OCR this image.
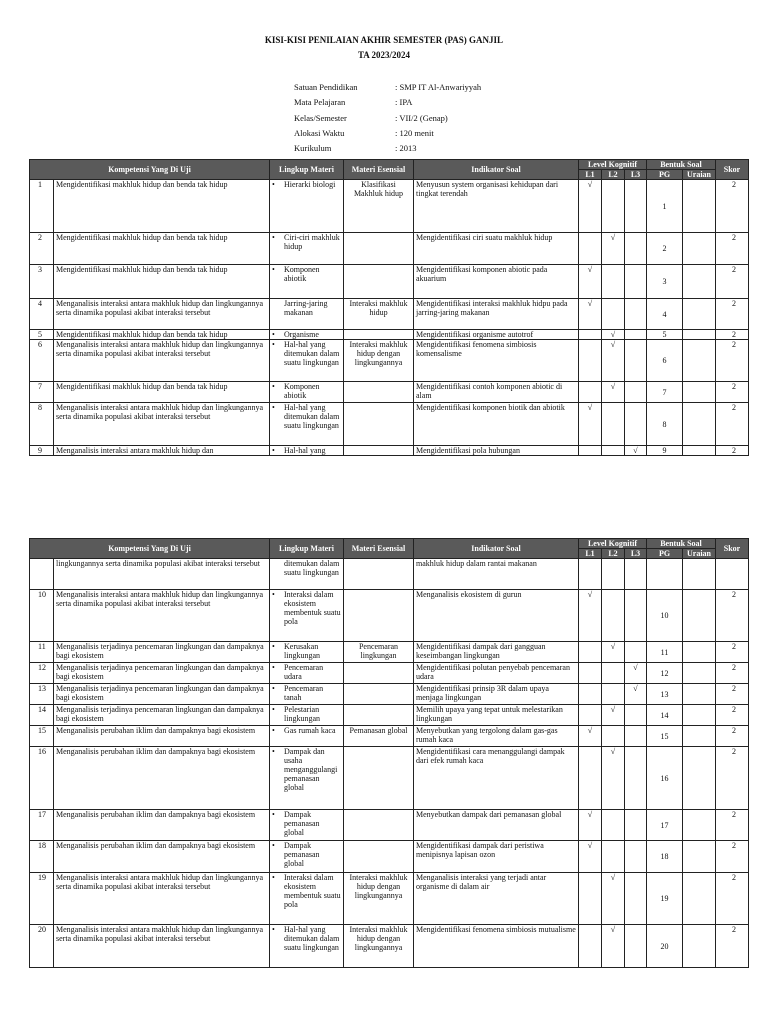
KISI-KISI PENILAIAN AKHIR SEMESTER (PAS) GANJIL
TA 2023/2024
Satuan Pendidikan	: SMP IT Al-Anwariyyah
Mata Pelajaran	: IPA
Kelas/Semester	: VII/2 (Genap)
Alokasi Waktu	: 120 menit
Kurikulum	: 2013
Kompetensi Yang Di Uji		Lingkup Materi	Materi Esensial	Indikator Soal	Level Kognitif			Bentuk Soal		Skor
					L1	L2	L3	PG	Uraian	
1	Mengidentifikasi makhluk hidup dan benda tak hidup	• Hierarki biologi	Klasifikasi Makhluk hidup	Menyusun system organisasi kehidupan dari tingkat terendah	√			1		2
2	Mengidentifikasi makhluk hidup dan benda tak hidup	• Ciri-ciri makhluk hidup		Mengidentifikasi ciri suatu makhluk hidup		√		2		2
3	Mengidentifikasi makhluk hidup dan benda tak hidup	• Komponen abiotik		Mengidentifikasi komponen abiotic pada akuarium	√			3		2
4	Menganalisis interaksi antara makhluk hidup dan lingkungannya serta dinamika populasi akibat interaksi tersebut	Jarring-jaring makanan	Interaksi makhluk hidup	Mengidentifikasi interaksi makhluk hidpu pada jarring-jaring makanan	√			4		2
5	Mengidentifikasi makhluk hidup dan benda tak hidup	• Organisme		Mengidentifikasi organisme autotrof		√		5		2
6	Menganalisis interaksi antara makhluk hidup dan lingkungannya serta dinamika populasi akibat interaksi tersebut	• Hal-hal yang ditemukan dalam suatu lingkungan	Interaksi makhluk hidup dengan lingkungannya	Mengidentifikasi fenomena simbiosis komensalisme		√		6		2
7	Mengidentifikasi makhluk hidup dan benda tak hidup	• Komponen abiotik		Mengidentifikasi contoh komponen abiotic di alam		√		7		2
8	Menganalisis interaksi antara makhluk hidup dan lingkungannya serta dinamika populasi akibat interaksi tersebut	• Hal-hal yang ditemukan dalam suatu lingkungan		Mengidentifikasi komponen biotik dan abiotik	√			8		2
9	Menganalisis interaksi antara makhluk hidup dan	• Hal-hal yang		Mengidentifikasi pola hubungan			√	9		2
Kompetensi Yang Di Uji		Lingkup Materi	Materi Esensial	Indikator Soal	Level Kognitif			Bentuk Soal		Skor
					L1	L2	L3	PG	Uraian	
	lingkungannya serta dinamika populasi akibat interaksi tersebut	ditemukan dalam suatu lingkungan		makhluk hidup dalam rantai makanan						
10	Menganalisis interaksi antara makhluk hidup dan lingkungannya serta dinamika populasi akibat interaksi tersebut	• Interaksi dalam ekosistem membentuk suatu pola		Menganalisis ekosistem di gurun	√			10		2
11	Menganalisis terjadinya pencemaran lingkungan dan dampaknya bagi ekosistem	• Kerusakan lingkungan	Pencemaran lingkungan	Mengidentifikasi dampak dari gangguan keseimbangan lingkungan		√		11		2
12	Menganalisis terjadinya pencemaran lingkungan dan dampaknya bagi ekosistem	• Pencemaran udara		Mengidentifikasi polutan penyebab pencemaran udara			√	12		2
13	Menganalisis terjadinya pencemaran lingkungan dan dampaknya bagi ekosistem	• Pencemaran tanah		Mengidentifikasi prinsip 3R dalam upaya menjaga lingkungan			√	13		2
14	Menganalisis terjadinya pencemaran lingkungan dan dampaknya bagi ekosistem	• Pelestarian lingkungan		Memilih upaya yang tepat untuk melestarikan lingkungan		√		14		2
15	Menganalisis perubahan iklim dan dampaknya bagi ekosistem	• Gas rumah kaca	Pemanasan global	Menyebutkan yang tergolong dalam gas-gas rumah kaca	√			15		2
16	Menganalisis perubahan iklim dan dampaknya bagi ekosistem	• Dampak dan usaha menganggulangi pemanasan global		Mengidentifikasi cara menanggulangi dampak dari efek rumah kaca		√		16		2
17	Menganalisis perubahan iklim dan dampaknya bagi ekosistem	• Dampak pemanasan global		Menyebutkan dampak dari pemanasan global	√			17		2
18	Menganalisis perubahan iklim dan dampaknya bagi ekosistem	• Dampak pemanasan global		Mengidentifikasi dampak dari peristiwa menipisnya lapisan ozon	√			18		2
19	Menganalisis interaksi antara makhluk hidup dan lingkungannya serta dinamika populasi akibat interaksi tersebut	• Interaksi dalam ekosistem membentuk suatu pola	Interaksi makhluk hidup dengan lingkungannya	Menganalisis interaksi yang terjadi antar organisme di dalam air		√		19		2
20	Menganalisis interaksi antara makhluk hidup dan lingkungannya serta dinamika populasi akibat interaksi tersebut	• Hal-hal yang ditemukan dalam suatu lingkungan	Interaksi makhluk hidup dengan lingkungannya	Mengidentifikasi fenomena simbiosis mutualisme		√		20		2
